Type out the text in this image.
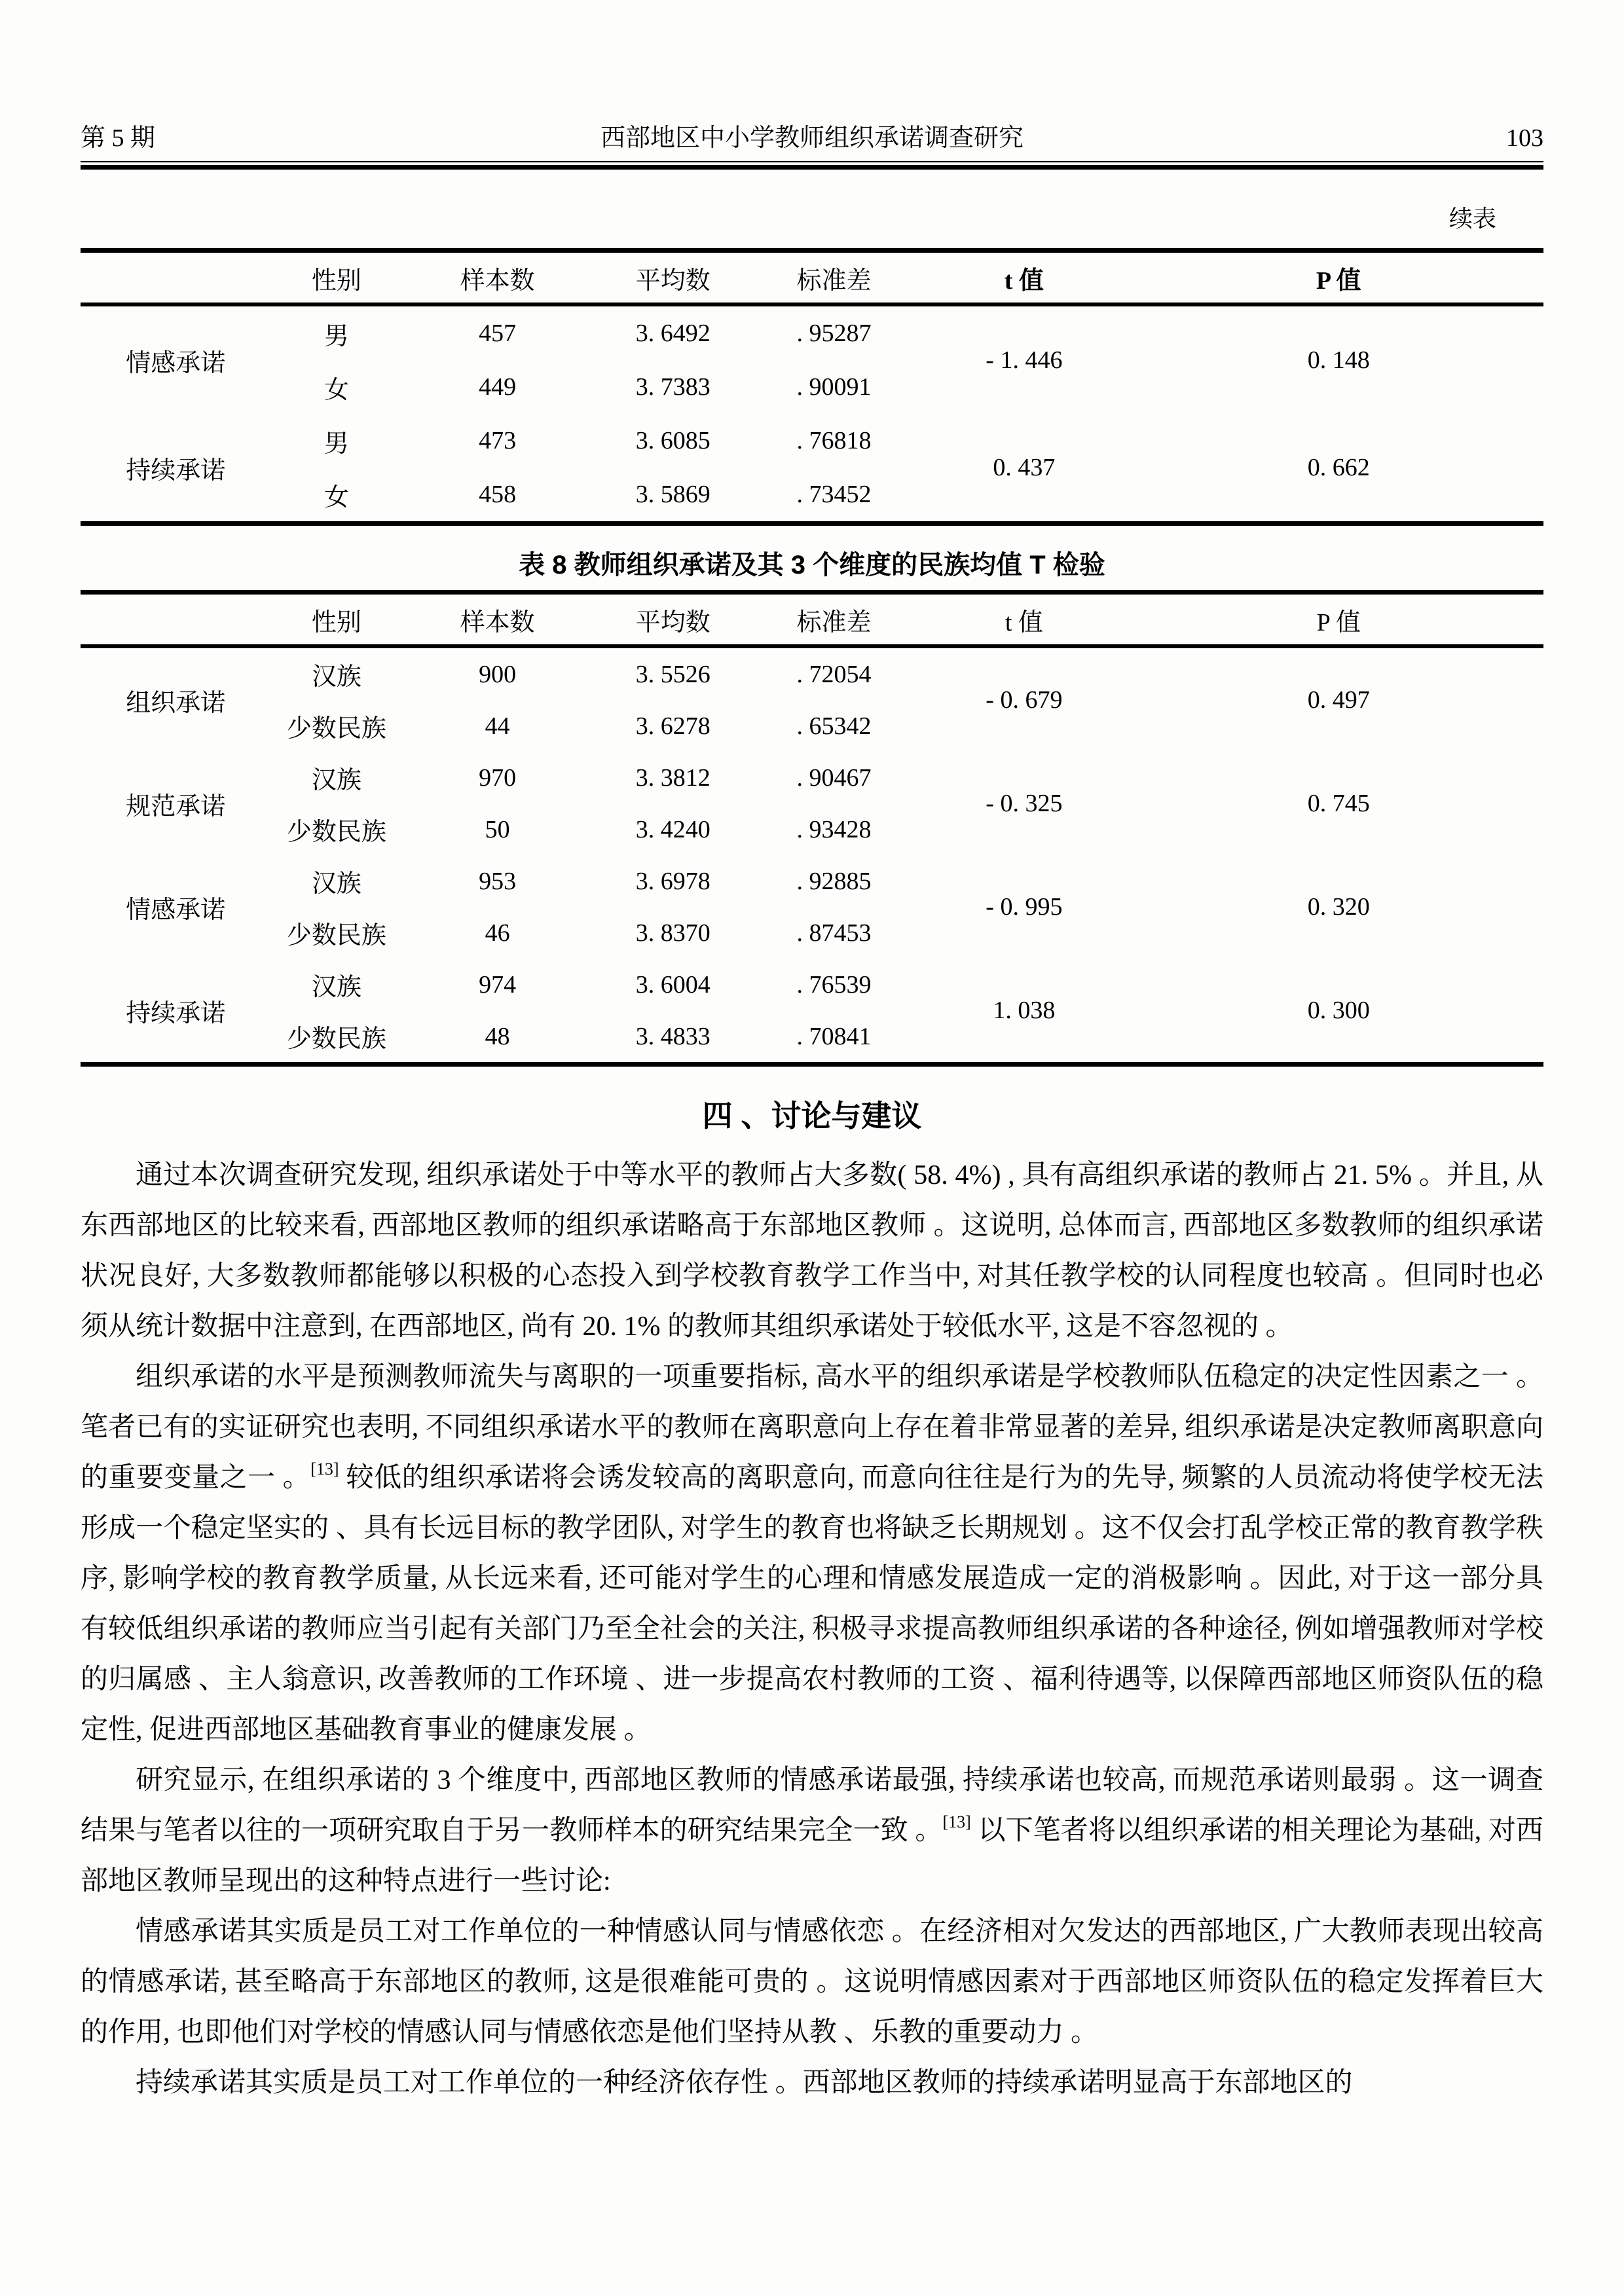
第 5 期	西部地区中小学教师组织承诺调查研究	103
续表
	性别	样本数	平均数	标准差	t 值	P 值
情感承诺	男	457	3. 6492	. 95287	- 1. 446	0. 148
	女	449	3. 7383	. 90091		
持续承诺	男	473	3. 6085	. 76818	0. 437	0. 662
	女	458	3. 5869	. 73452		
表 8 教师组织承诺及其 3 个维度的民族均值 T 检验
	性别	样本数	平均数	标准差	t 值	P 值
组织承诺	汉族	900	3. 5526	. 72054	- 0. 679	0. 497
	少数民族	44	3. 6278	. 65342		
规范承诺	汉族	970	3. 3812	. 90467	- 0. 325	0. 745
	少数民族	50	3. 4240	. 93428		
情感承诺	汉族	953	3. 6978	. 92885	- 0. 995	0. 320
	少数民族	46	3. 8370	. 87453		
持续承诺	汉族	974	3. 6004	. 76539	1. 038	0. 300
	少数民族	48	3. 4833	. 70841		
四 、讨论与建议

通过本次调查研究发现, 组织承诺处于中等水平的教师占大多数( 58. 4%) , 具有高组织承诺的教师占 21. 5% 。并且, 从东西部地区的比较来看, 西部地区教师的组织承诺略高于东部地区教师 。这说明, 总体而言, 西部地区多数教师的组织承诺状况良好, 大多数教师都能够以积极的心态投入到学校教育教学工作当中, 对其任教学校的认同程度也较高 。但同时也必须从统计数据中注意到, 在西部地区, 尚有 20. 1% 的教师其组织承诺处于较低水平, 这是不容忽视的 。

组织承诺的水平是预测教师流失与离职的一项重要指标, 高水平的组织承诺是学校教师队伍稳定的决定性因素之一 。笔者已有的实证研究也表明, 不同组织承诺水平的教师在离职意向上存在着非常显著的差异, 组织承诺是决定教师离职意向的重要变量之一 。[13] 较低的组织承诺将会诱发较高的离职意向, 而意向往往是行为的先导, 频繁的人员流动将使学校无法形成一个稳定坚实的 、具有长远目标的教学团队, 对学生的教育也将缺乏长期规划 。这不仅会打乱学校正常的教育教学秩序, 影响学校的教育教学质量, 从长远来看, 还可能对学生的心理和情感发展造成一定的消极影响 。因此, 对于这一部分具有较低组织承诺的教师应当引起有关部门乃至全社会的关注, 积极寻求提高教师组织承诺的各种途径, 例如增强教师对学校的归属感 、主人翁意识, 改善教师的工作环境 、进一步提高农村教师的工资 、福利待遇等, 以保障西部地区师资队伍的稳定性, 促进西部地区基础教育事业的健康发展 。

研究显示, 在组织承诺的 3 个维度中, 西部地区教师的情感承诺最强, 持续承诺也较高, 而规范承诺则最弱 。这一调查结果与笔者以往的一项研究取自于另一教师样本的研究结果完全一致 。[13] 以下笔者将以组织承诺的相关理论为基础, 对西部地区教师呈现出的这种特点进行一些讨论:

情感承诺其实质是员工对工作单位的一种情感认同与情感依恋 。在经济相对欠发达的西部地区, 广大教师表现出较高的情感承诺, 甚至略高于东部地区的教师, 这是很难能可贵的 。这说明情感因素对于西部地区师资队伍的稳定发挥着巨大的作用, 也即他们对学校的情感认同与情感依恋是他们坚持从教 、乐教的重要动力 。

持续承诺其实质是员工对工作单位的一种经济依存性 。西部地区教师的持续承诺明显高于东部地区的
